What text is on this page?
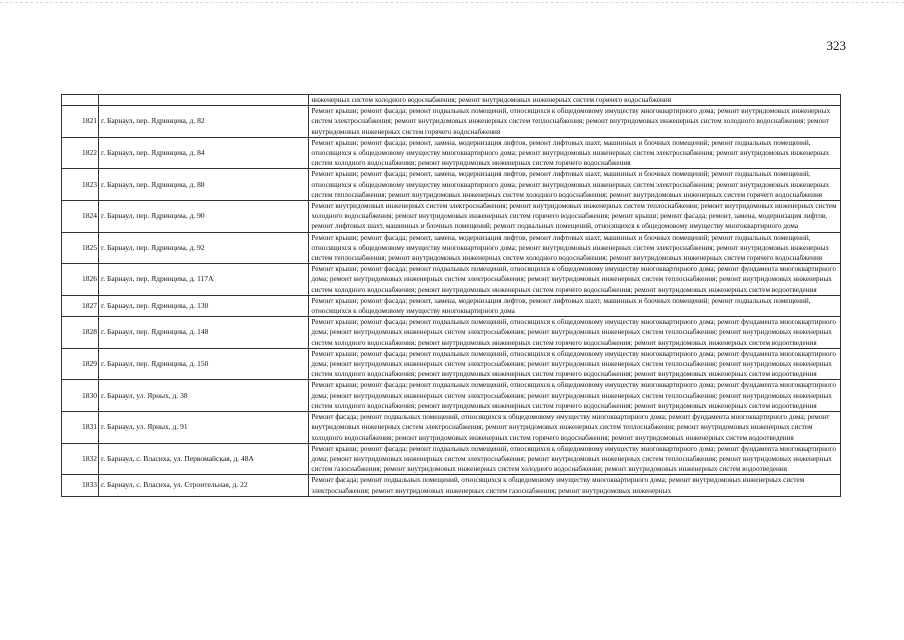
323
		инженерных систем холодного водоснабжения; ремонт внутридомовых инженерных систем горячего водоснабжения
1821	г. Барнаул, пер. Ядринцева, д. 82	Ремонт крыши; ремонт фасада; ремонт подвальных помещений, относящихся к общедомовому имуществу многоквартирного дома; ремонт внутридомовых инженерных систем электроснабжения; ремонт внутридомовых инженерных систем теплоснабжения; ремонт внутридомовых инженерных систем холодного водоснабжения; ремонт внутридомовых инженерных систем горячего водоснабжения
1822	г. Барнаул, пер. Ядринцева, д. 84	Ремонт крыши; ремонт фасада; ремонт, замена, модернизация лифтов, ремонт лифтовых шахт, машинных и блочных помещений; ремонт подвальных помещений, относящихся к общедомовому имуществу многоквартирного дома; ремонт внутридомовых инженерных систем электроснабжения; ремонт внутридомовых инженерных систем холодного водоснабжения; ремонт внутридомовых инженерных систем горячего водоснабжения
1823	г. Барнаул, пер. Ядринцева, д. 88	Ремонт крыши; ремонт фасада; ремонт, замена, модернизация лифтов, ремонт лифтовых шахт, машинных и блочных помещений; ремонт подвальных помещений, относящихся к общедомовому имуществу многоквартирного дома; ремонт внутридомовых инженерных систем электроснабжения; ремонт внутридомовых инженерных систем теплоснабжения; ремонт внутридомовых инженерных систем холодного водоснабжения; ремонт внутридомовых инженерных систем горячего водоснабжения
1824	г. Барнаул, пер. Ядринцева, д. 90	Ремонт внутридомовых инженерных систем электроснабжения; ремонт внутридомовых инженерных систем теплоснабжения; ремонт внутридомовых инженерных систем холодного водоснабжения; ремонт внутридомовых инженерных систем горячего водоснабжения; ремонт крыши; ремонт фасада; ремонт, замена, модернизация лифтов, ремонт лифтовых шахт, машинных и блочных помещений; ремонт подвальных помещений, относящихся к общедомовому имуществу многоквартирного дома
1825	г. Барнаул, пер. Ядринцева, д. 92	Ремонт крыши; ремонт фасада; ремонт, замена, модернизация лифтов, ремонт лифтовых шахт, машинных и блочных помещений; ремонт подвальных помещений, относящихся к общедомовому имуществу многоквартирного дома; ремонт внутридомовых инженерных систем электроснабжения; ремонт внутридомовых инженерных систем теплоснабжения; ремонт внутридомовых инженерных систем холодного водоснабжения; ремонт внутридомовых инженерных систем горячего водоснабжения
1826	г. Барнаул, пер. Ядринцева, д. 117А	Ремонт крыши; ремонт фасада; ремонт подвальных помещений, относящихся к общедомовому имуществу многоквартирного дома; ремонт фундамента многоквартирного дома; ремонт внутридомовых инженерных систем электроснабжения; ремонт внутридомовых инженерных систем теплоснабжения; ремонт внутридомовых инженерных систем холодного водоснабжения; ремонт внутридомовых инженерных систем горячего водоснабжения; ремонт внутридомовых инженерных систем водоотведения
1827	г. Барнаул, пер. Ядринцева, д. 130	Ремонт крыши; ремонт фасада; ремонт, замена, модернизация лифтов, ремонт лифтовых шахт, машинных и блочных помещений; ремонт подвальных помещений, относящихся к общедомовому имуществу многоквартирного дома
1828	г. Барнаул, пер. Ядринцева, д. 148	Ремонт крыши; ремонт фасада; ремонт подвальных помещений, относящихся к общедомовому имуществу многоквартирного дома; ремонт фундамента многоквартирного дома; ремонт внутридомовых инженерных систем электроснабжения; ремонт внутридомовых инженерных систем теплоснабжения; ремонт внутридомовых инженерных систем холодного водоснабжения; ремонт внутридомовых инженерных систем горячего водоснабжения; ремонт внутридомовых инженерных систем водоотведения
1829	г. Барнаул, пер. Ядринцева, д. 150	Ремонт крыши; ремонт фасада; ремонт подвальных помещений, относящихся к общедомовому имуществу многоквартирного дома; ремонт фундамента многоквартирного дома; ремонт внутридомовых инженерных систем электроснабжения; ремонт внутридомовых инженерных систем теплоснабжения; ремонт внутридомовых инженерных систем холодного водоснабжения; ремонт внутридомовых инженерных систем горячего водоснабжения; ремонт внутридомовых инженерных систем водоотведения
1830	г. Барнаул, ул. Ярных, д. 38	Ремонт крыши; ремонт фасада; ремонт подвальных помещений, относящихся к общедомовому имуществу многоквартирного дома; ремонт фундамента многоквартирного дома; ремонт внутридомовых инженерных систем электроснабжения; ремонт внутридомовых инженерных систем теплоснабжения; ремонт внутридомовых инженерных систем холодного водоснабжения; ремонт внутридомовых инженерных систем горячего водоснабжения; ремонт внутридомовых инженерных систем водоотведения
1831	г. Барнаул, ул. Ярных, д. 91	Ремонт фасада; ремонт подвальных помещений, относящихся к общедомовому имуществу многоквартирного дома; ремонт фундамента многоквартирного дома; ремонт внутридомовых инженерных систем электроснабжения; ремонт внутридомовых инженерных систем теплоснабжения; ремонт внутридомовых инженерных систем холодного водоснабжения; ремонт внутридомовых инженерных систем горячего водоснабжения; ремонт внутридомовых инженерных систем водоотведения
1832	г. Барнаул, с. Власиха, ул. Первомайская, д. 48А	Ремонт крыши; ремонт фасада; ремонт подвальных помещений, относящихся к общедомовому имуществу многоквартирного дома; ремонт фундамента многоквартирного дома; ремонт внутридомовых инженерных систем электроснабжения; ремонт внутридомовых инженерных систем теплоснабжения; ремонт внутридомовых инженерных систем газоснабжения; ремонт внутридомовых инженерных систем холодного водоснабжения; ремонт внутридомовых инженерных систем водоотведения
1833	г. Барнаул, с. Власиха, ул. Строительная, д. 22	Ремонт фасада; ремонт подвальных помещений, относящихся к общедомовому имуществу многоквартирного дома; ремонт внутридомовых инженерных систем электроснабжения; ремонт внутридомовых инженерных систем газоснабжения; ремонт внутридомовых инженерных
